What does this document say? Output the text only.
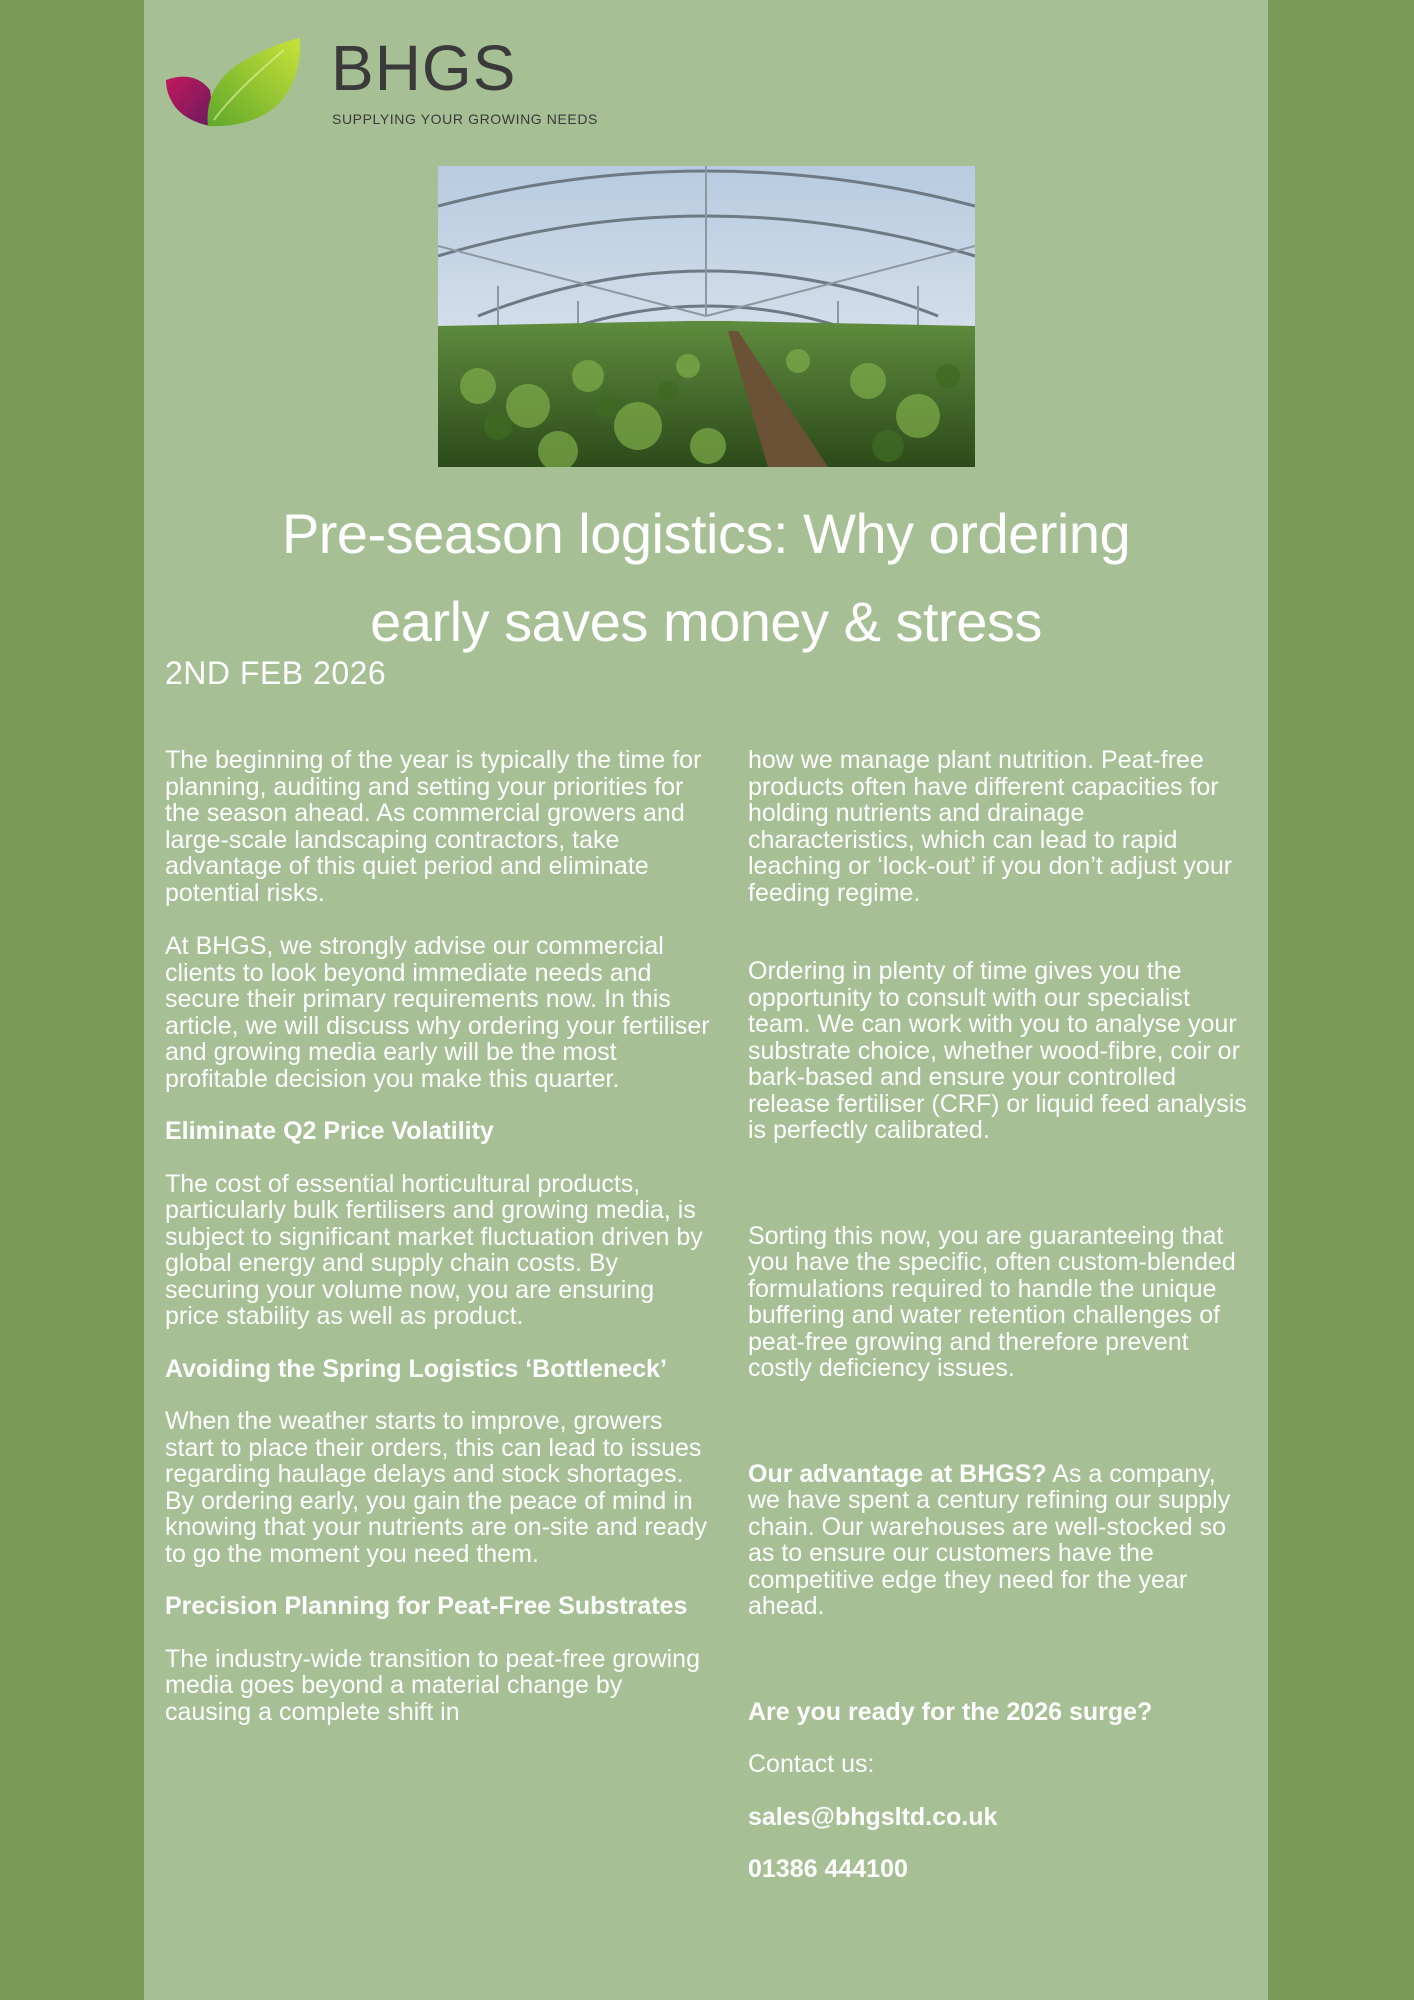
BHGS
SUPPLYING YOUR GROWING NEEDS
Pre-season logistics: Why ordering
early saves money & stress
2ND FEB 2026

The beginning of the year is typically the time for planning, auditing and setting your priorities for the season ahead. As commercial growers and large-scale landscaping contractors, take advantage of this quiet period and eliminate potential risks.

At BHGS, we strongly advise our commercial clients to look beyond immediate needs and secure their primary requirements now. In this article, we will discuss why ordering your fertiliser and growing media early will be the most profitable decision you make this quarter.

Eliminate Q2 Price Volatility

The cost of essential horticultural products, particularly bulk fertilisers and growing media, is subject to significant market fluctuation driven by global energy and supply chain costs. By securing your volume now, you are ensuring price stability as well as product.

Avoiding the Spring Logistics ‘Bottleneck’

When the weather starts to improve, growers start to place their orders, this can lead to issues regarding haulage delays and stock shortages. By ordering early, you gain the peace of mind in knowing that your nutrients are on-site and ready to go the moment you need them.

Precision Planning for Peat-Free Substrates

The industry-wide transition to peat-free growing media goes beyond a material change by causing a complete shift in

how we manage plant nutrition. Peat-free products often have different capacities for holding nutrients and drainage characteristics, which can lead to rapid leaching or ‘lock-out’ if you don’t adjust your feeding regime.

Ordering in plenty of time gives you the opportunity to consult with our specialist team. We can work with you to analyse your substrate choice, whether wood-fibre, coir or bark-based and ensure your controlled release fertiliser (CRF) or liquid feed analysis is perfectly calibrated.

Sorting this now, you are guaranteeing that you have the specific, often custom-blended formulations required to handle the unique buffering and water retention challenges of peat-free growing and therefore prevent costly deficiency issues.

Our advantage at BHGS? As a company, we have spent a century refining our supply chain. Our warehouses are well-stocked so as to ensure our customers have the competitive edge they need for the year ahead.

Are you ready for the 2026 surge?

Contact us:

sales@bhgsltd.co.uk

01386 444100
